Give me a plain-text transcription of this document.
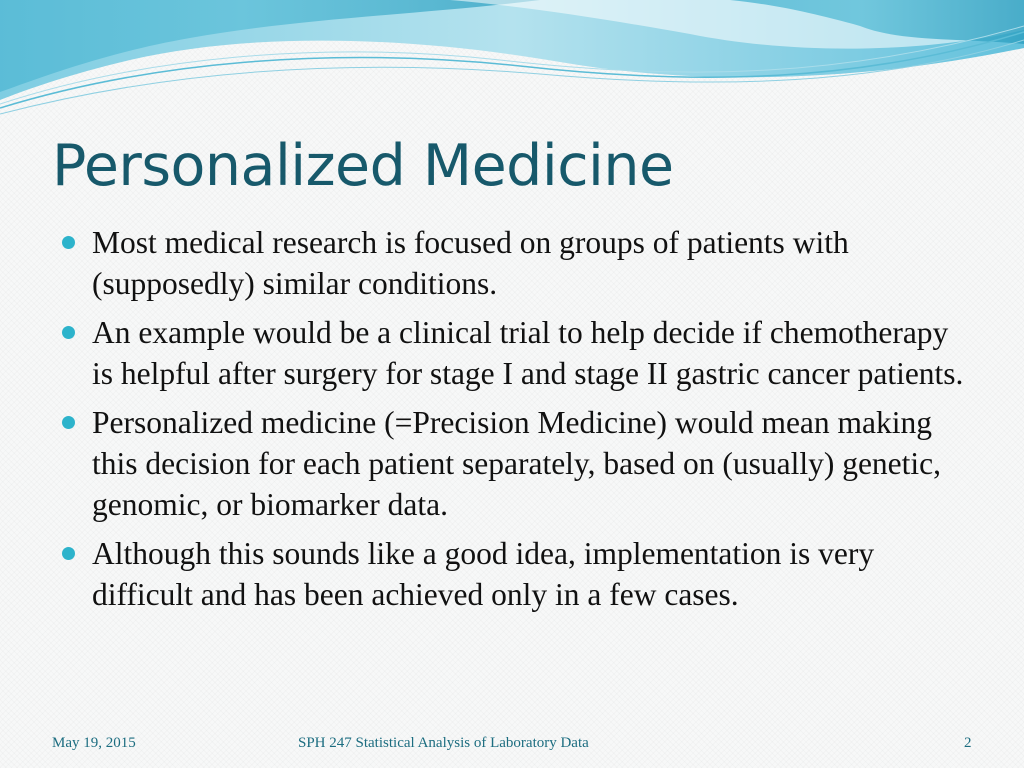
Personalized Medicine
Most medical research is focused on groups of patients with (supposedly) similar conditions.
An example would be a clinical trial to help decide if chemotherapy is helpful after surgery for stage I and stage II gastric cancer patients.
Personalized medicine (=Precision Medicine) would mean making this decision for each patient separately, based on (usually) genetic, genomic, or biomarker data.
Although this sounds like a good idea, implementation is very difficult and has been achieved only in a few cases.
May 19, 2015	SPH 247 Statistical Analysis of Laboratory Data	2
